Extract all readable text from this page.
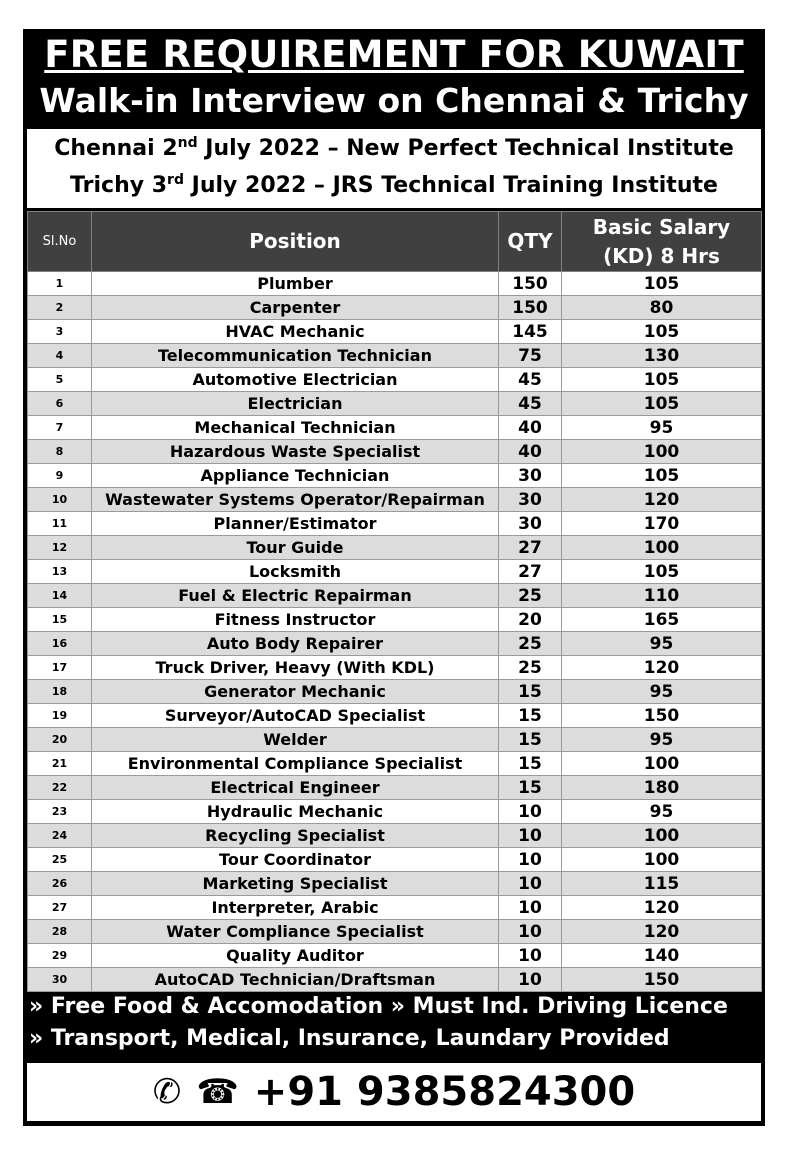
FREE REQUIREMENT FOR KUWAIT
Walk-in Interview on Chennai & Trichy
Chennai 2nd July 2022 – New Perfect Technical Institute
Trichy 3rd July 2022 – JRS Technical Training Institute
Sl.No	Position	QTY	Basic Salary
(KD) 8 Hrs

1	Plumber	150	105
2	Carpenter	150	80
3	HVAC Mechanic	145	105
4	Telecommunication Technician	75	130
5	Automotive Electrician	45	105
6	Electrician	45	105
7	Mechanical Technician	40	95
8	Hazardous Waste Specialist	40	100
9	Appliance Technician	30	105
10	Wastewater Systems Operator/Repairman	30	120
11	Planner/Estimator	30	170
12	Tour Guide	27	100
13	Locksmith	27	105
14	Fuel & Electric Repairman	25	110
15	Fitness Instructor	20	165
16	Auto Body Repairer	25	95
17	Truck Driver, Heavy (With KDL)	25	120
18	Generator Mechanic	15	95
19	Surveyor/AutoCAD Specialist	15	150
20	Welder	15	95
21	Environmental Compliance Specialist	15	100
22	Electrical Engineer	15	180
23	Hydraulic Mechanic	10	95
24	Recycling Specialist	10	100
25	Tour Coordinator	10	100
26	Marketing Specialist	10	115
27	Interpreter, Arabic	10	120
28	Water Compliance Specialist	10	120
29	Quality Auditor	10	140
30	AutoCAD Technician/Draftsman	10	150
» Free Food & Accomodation » Must Ind. Driving Licence
» Transport, Medical, Insurance, Laundary Provided
✆ ☎ +91 9385824300
